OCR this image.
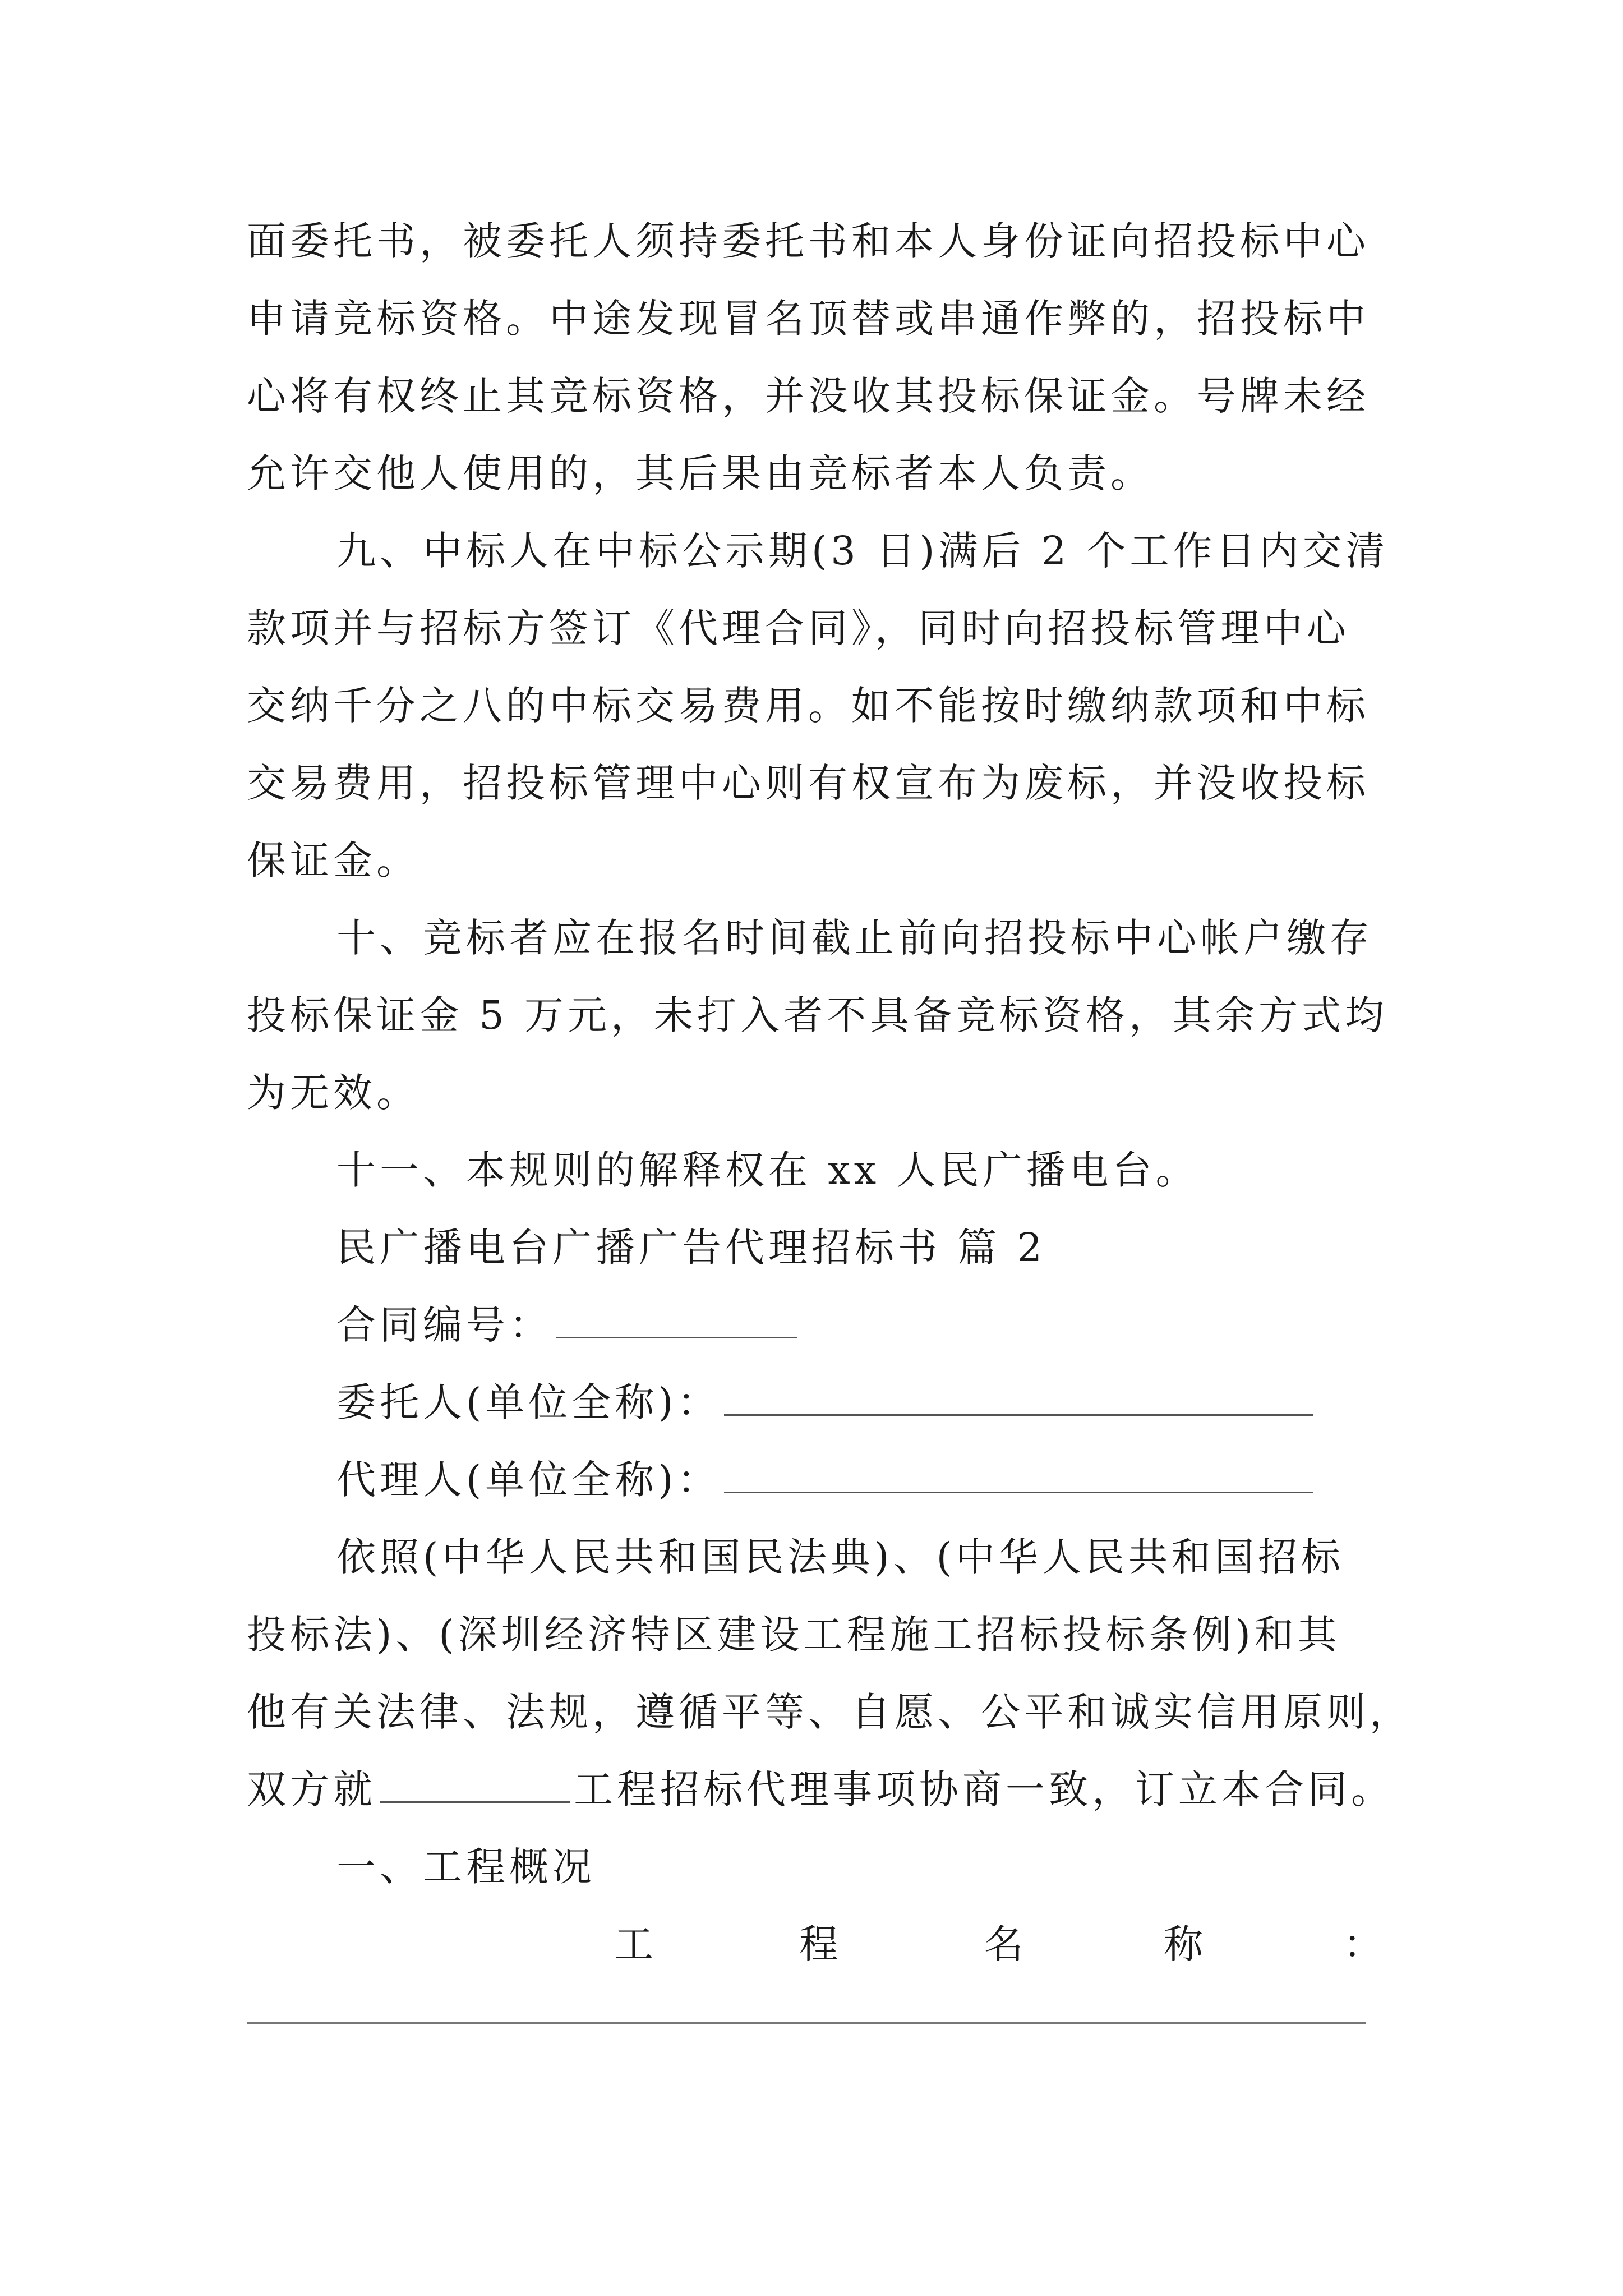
面委托书，被委托人须持委托书和本人身份证向招投标中心
申请竞标资格。中途发现冒名顶替或串通作弊的，招投标中
心将有权终止其竞标资格，并没收其投标保证金。号牌未经
允许交他人使用的，其后果由竞标者本人负责。
九、中标人在中标公示期(3 日)满后 2 个工作日内交清
款项并与招标方签订《代理合同》，同时向招投标管理中心
交纳千分之八的中标交易费用。如不能按时缴纳款项和中标
交易费用，招投标管理中心则有权宣布为废标，并没收投标
保证金。
十、竞标者应在报名时间截止前向招投标中心帐户缴存
投标保证金 5 万元，未打入者不具备竞标资格，其余方式均
为无效。
十一、本规则的解释权在 xx 人民广播电台。
民广播电台广播广告代理招标书 篇 2
合同编号：
委托人(单位全称)：
代理人(单位全称)：
依照(中华人民共和国民法典)、(中华人民共和国招标
投标法)、(深圳经济特区建设工程施工招标投标条例)和其
他有关法律、法规，遵循平等、自愿、公平和诚实信用原则，
双方就	工程招标代理事项协商一致，订立本合同。
一、工程概况
工	程	名	称	：
